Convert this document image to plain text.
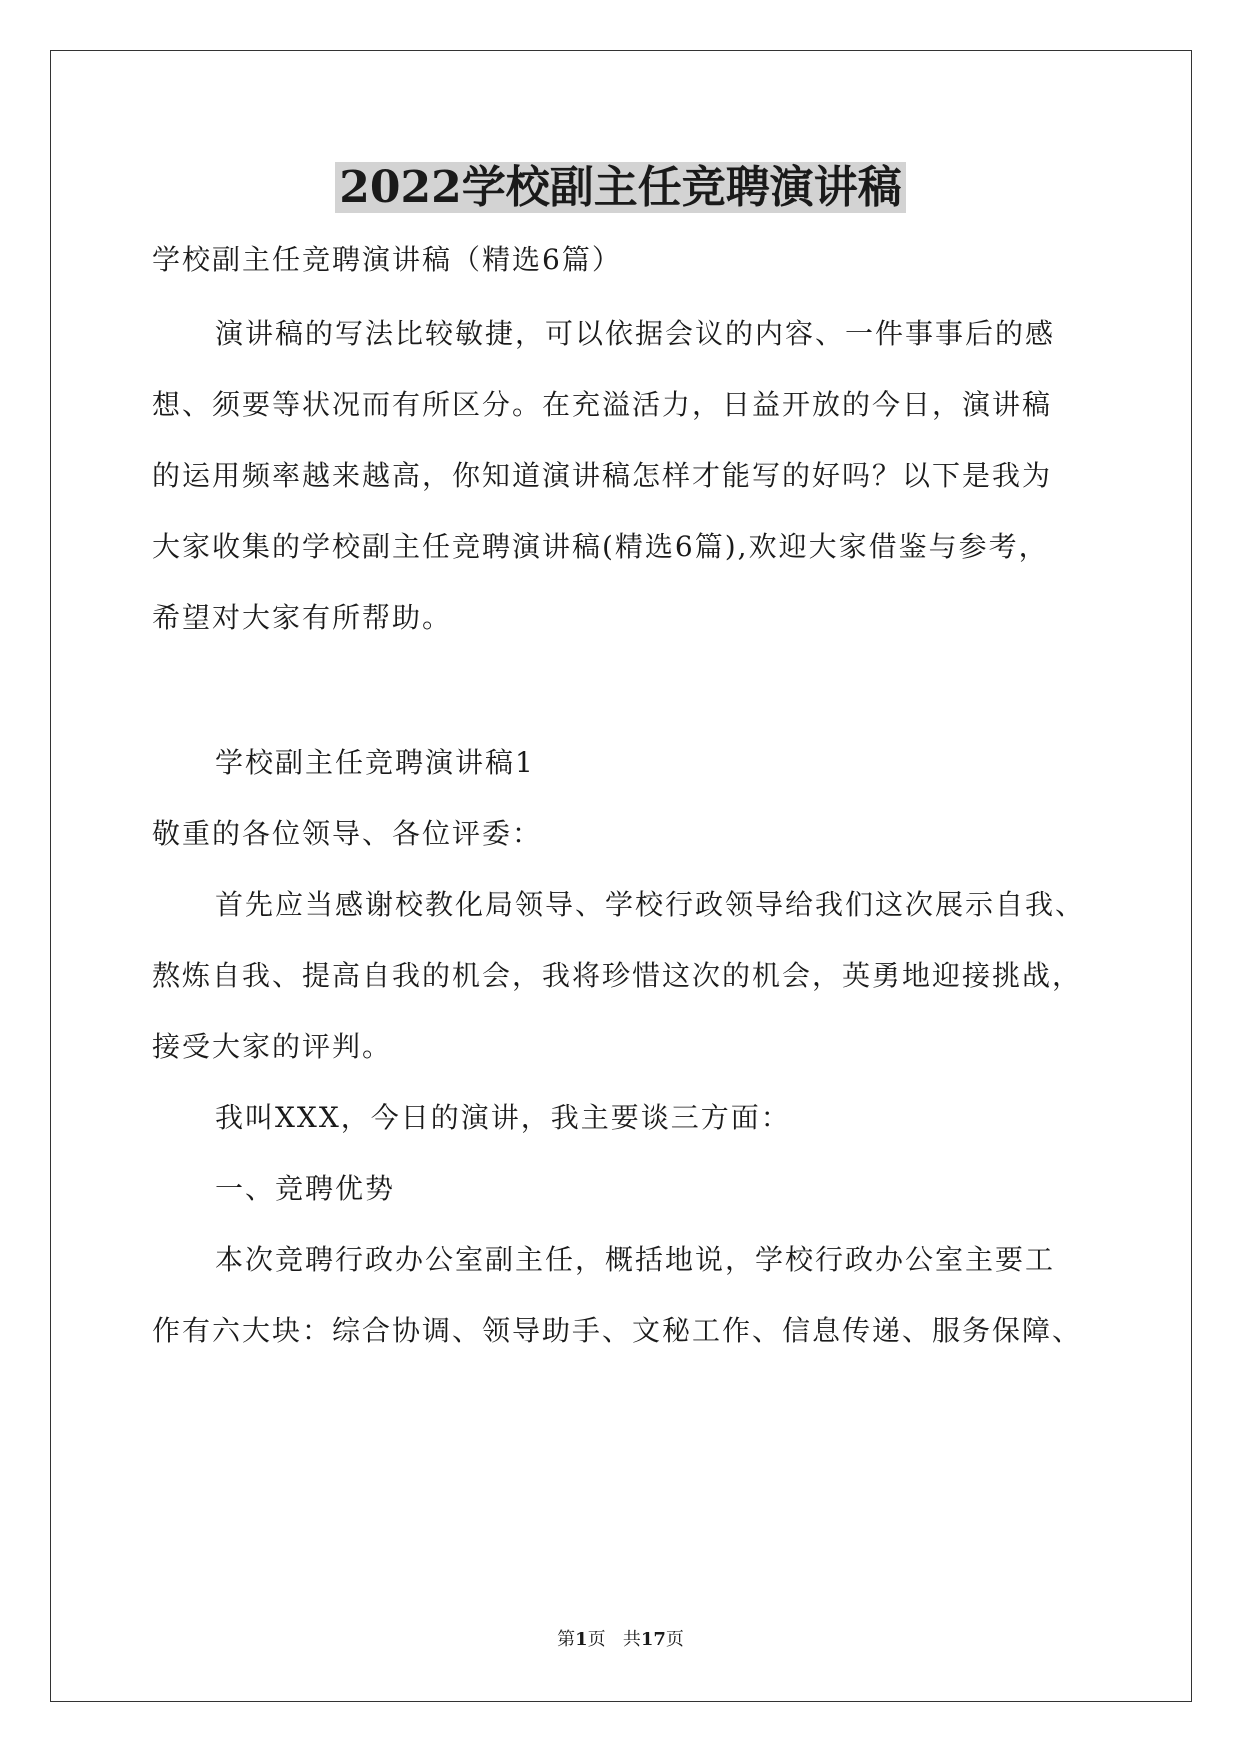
2022学校副主任竞聘演讲稿
学校副主任竞聘演讲稿（精选6篇）
演讲稿的写法比较敏捷，可以依据会议的内容、一件事事后的感
想、须要等状况而有所区分。在充溢活力，日益开放的今日，演讲稿
的运用频率越来越高，你知道演讲稿怎样才能写的好吗？以下是我为
大家收集的学校副主任竞聘演讲稿(精选6篇),欢迎大家借鉴与参考，
希望对大家有所帮助。
学校副主任竞聘演讲稿1
敬重的各位领导、各位评委：
首先应当感谢校教化局领导、学校行政领导给我们这次展示自我、
熬炼自我、提高自我的机会，我将珍惜这次的机会，英勇地迎接挑战，
接受大家的评判。
我叫XXX，今日的演讲，我主要谈三方面：
一、竞聘优势
本次竞聘行政办公室副主任，概括地说，学校行政办公室主要工
作有六大块：综合协调、领导助手、文秘工作、信息传递、服务保障、
第1页 共17页
